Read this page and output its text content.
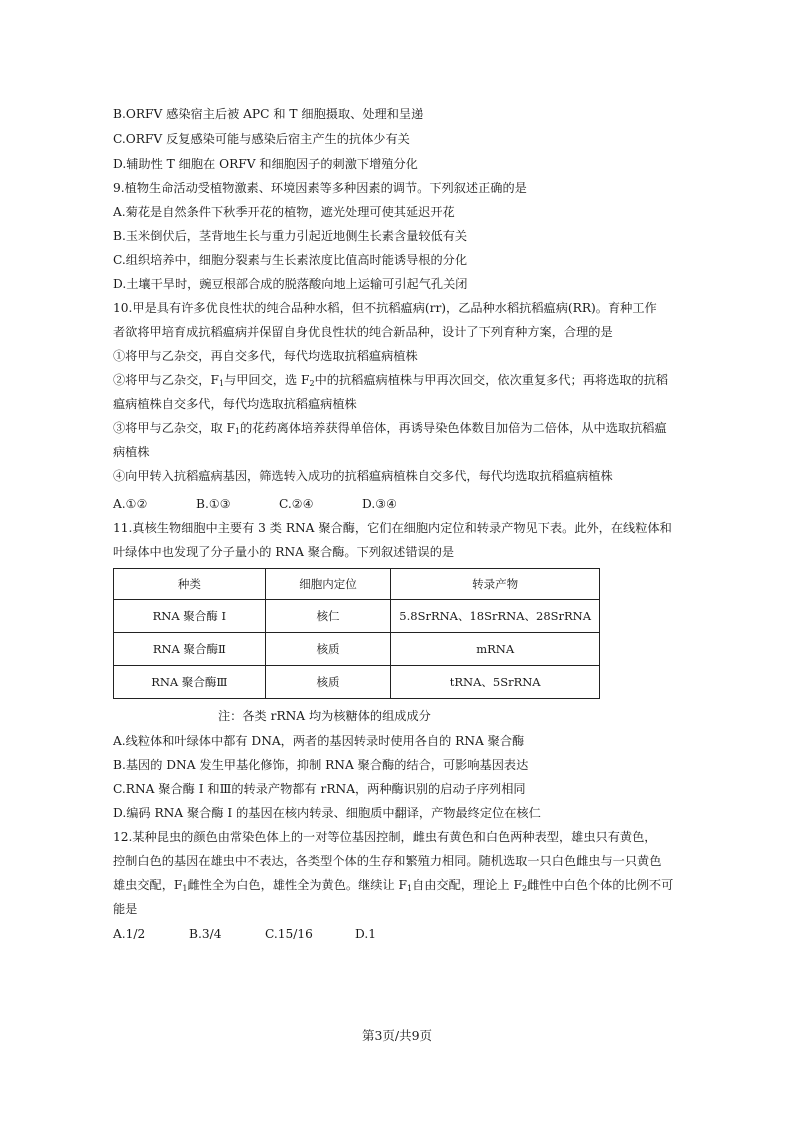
B.ORFV 感染宿主后被 APC 和 T 细胞摄取、处理和呈递
C.ORFV 反复感染可能与感染后宿主产生的抗体少有关
D.辅助性 T 细胞在 ORFV 和细胞因子的刺激下增殖分化
9.植物生命活动受植物激素、环境因素等多种因素的调节。下列叙述正确的是
A.菊花是自然条件下秋季开花的植物，遮光处理可使其延迟开花
B.玉米倒伏后，茎背地生长与重力引起近地侧生长素含量较低有关
C.组织培养中，细胞分裂素与生长素浓度比值高时能诱导根的分化
D.土壤干旱时，豌豆根部合成的脱落酸向地上运输可引起气孔关闭
10.甲是具有许多优良性状的纯合品种水稻，但不抗稻瘟病(rr)，乙品种水稻抗稻瘟病(RR)。育种工作
者欲将甲培育成抗稻瘟病并保留自身优良性状的纯合新品种，设计了下列育种方案，合理的是
①将甲与乙杂交，再自交多代，每代均选取抗稻瘟病植株
②将甲与乙杂交，$F_1$与甲回交，选 $F_2$中的抗稻瘟病植株与甲再次回交，依次重复多代；再将选取的抗稻
瘟病植株自交多代，每代均选取抗稻瘟病植株
③将甲与乙杂交，取 $F_1$的花药离体培养获得单倍体，再诱导染色体数目加倍为二倍体，从中选取抗稻瘟
病植株
④向甲转入抗稻瘟病基因，筛选转入成功的抗稻瘟病植株自交多代，每代均选取抗稻瘟病植株
A.①②	B.①③	C.②④	D.③④
11.真核生物细胞中主要有 3 类 RNA 聚合酶，它们在细胞内定位和转录产物见下表。此外，在线粒体和
叶绿体中也发现了分子量小的 RNA 聚合酶。下列叙述错误的是
种类	细胞内定位	转录产物
RNA 聚合酶 I	核仁	5.8SrRNA、18SrRNA、28SrRNA
RNA 聚合酶Ⅱ	核质	mRNA
RNA 聚合酶Ⅲ	核质	tRNA、5SrRNA
注：各类 rRNA 均为核糖体的组成成分
A.线粒体和叶绿体中都有 DNA，两者的基因转录时使用各自的 RNA 聚合酶
B.基因的 DNA 发生甲基化修饰，抑制 RNA 聚合酶的结合，可影响基因表达
C.RNA 聚合酶 I 和Ⅲ的转录产物都有 rRNA，两种酶识别的启动子序列相同
D.编码 RNA 聚合酶 I 的基因在核内转录、细胞质中翻译，产物最终定位在核仁
12.某种昆虫的颜色由常染色体上的一对等位基因控制，雌虫有黄色和白色两种表型，雄虫只有黄色，
控制白色的基因在雄虫中不表达，各类型个体的生存和繁殖力相同。随机选取一只白色雌虫与一只黄色
雄虫交配，$F_1$雌性全为白色，雄性全为黄色。继续让 $F_1$自由交配，理论上 $F_2$雌性中白色个体的比例不可
能是
A.1/2	B.3/4	C.15/16	D.1
第3页/共9页
